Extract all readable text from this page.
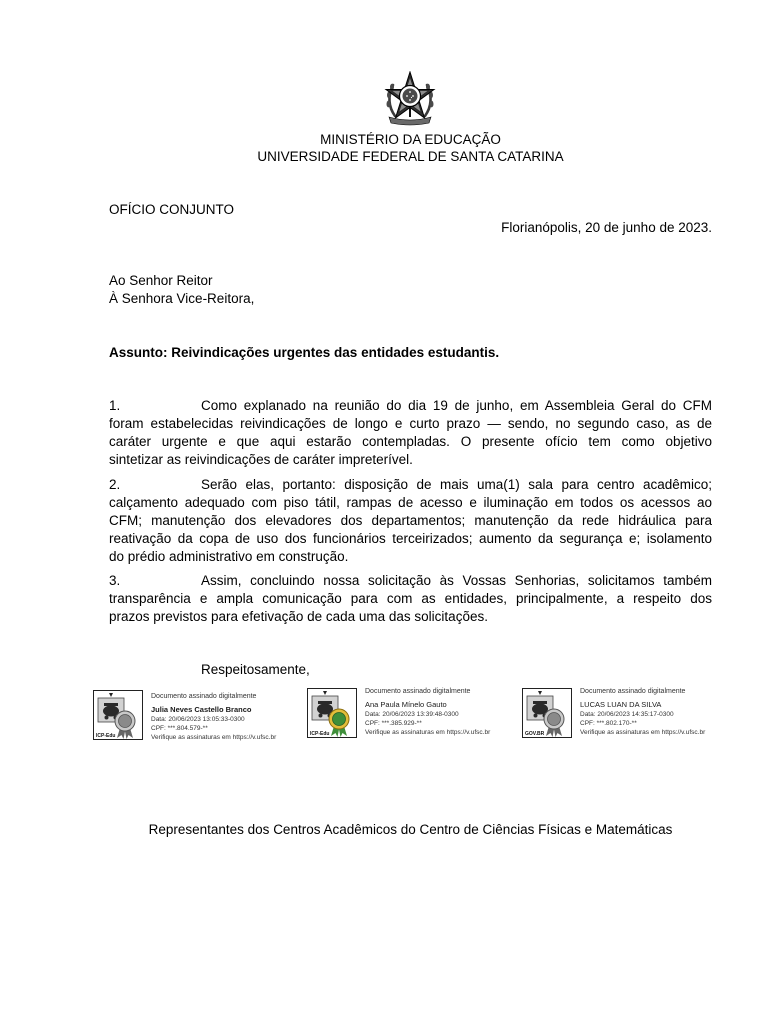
MINISTÉRIO DA EDUCAÇÃO
UNIVERSIDADE FEDERAL DE SANTA CATARINA
OFÍCIO CONJUNTO
Florianópolis, 20 de junho de 2023.
Ao Senhor Reitor
À Senhora Vice-Reitora,
Assunto: Reivindicações urgentes das entidades estudantis.
1.	Como explanado na reunião do dia 19 de junho, em Assembleia Geral do CFM
foram estabelecidas reivindicações de longo e curto prazo — sendo, no segundo caso, as de
caráter urgente e que aqui estarão contempladas. O presente ofício tem como objetivo
sintetizar as reivindicações de caráter impreterível.
2.	Serão elas, portanto: disposição de mais uma(1) sala para centro acadêmico;
calçamento adequado com piso tátil, rampas de acesso e iluminação em todos os acessos ao
CFM; manutenção dos elevadores dos departamentos; manutenção da rede hidráulica para
reativação da copa de uso dos funcionários terceirizados; aumento da segurança e; isolamento
do prédio administrativo em construção.
3.	Assim, concluindo nossa solicitação às Vossas Senhorias, solicitamos também
transparência e ampla comunicação para com as entidades, principalmente, a respeito dos
prazos previstos para efetivação de cada uma das solicitações.
Respeitosamente,
ICP-Edu
Documento assinado digitalmente
Julia Neves Castello Branco
Data: 20/06/2023 13:05:33-0300
CPF: ***.804.579-**
Verifique as assinaturas em https://v.ufsc.br	ICP-Edu
Documento assinado digitalmente
Ana Paula Mínelo Gauto
Data: 20/06/2023 13:39:48-0300
CPF: ***.385.929-**
Verifique as assinaturas em https://v.ufsc.br	GOV.BR
Documento assinado digitalmente
LUCAS LUAN DA SILVA
Data: 20/06/2023 14:35:17-0300
CPF: ***.802.170-**
Verifique as assinaturas em https://v.ufsc.br
Representantes dos Centros Acadêmicos do Centro de Ciências Físicas e Matemáticas
